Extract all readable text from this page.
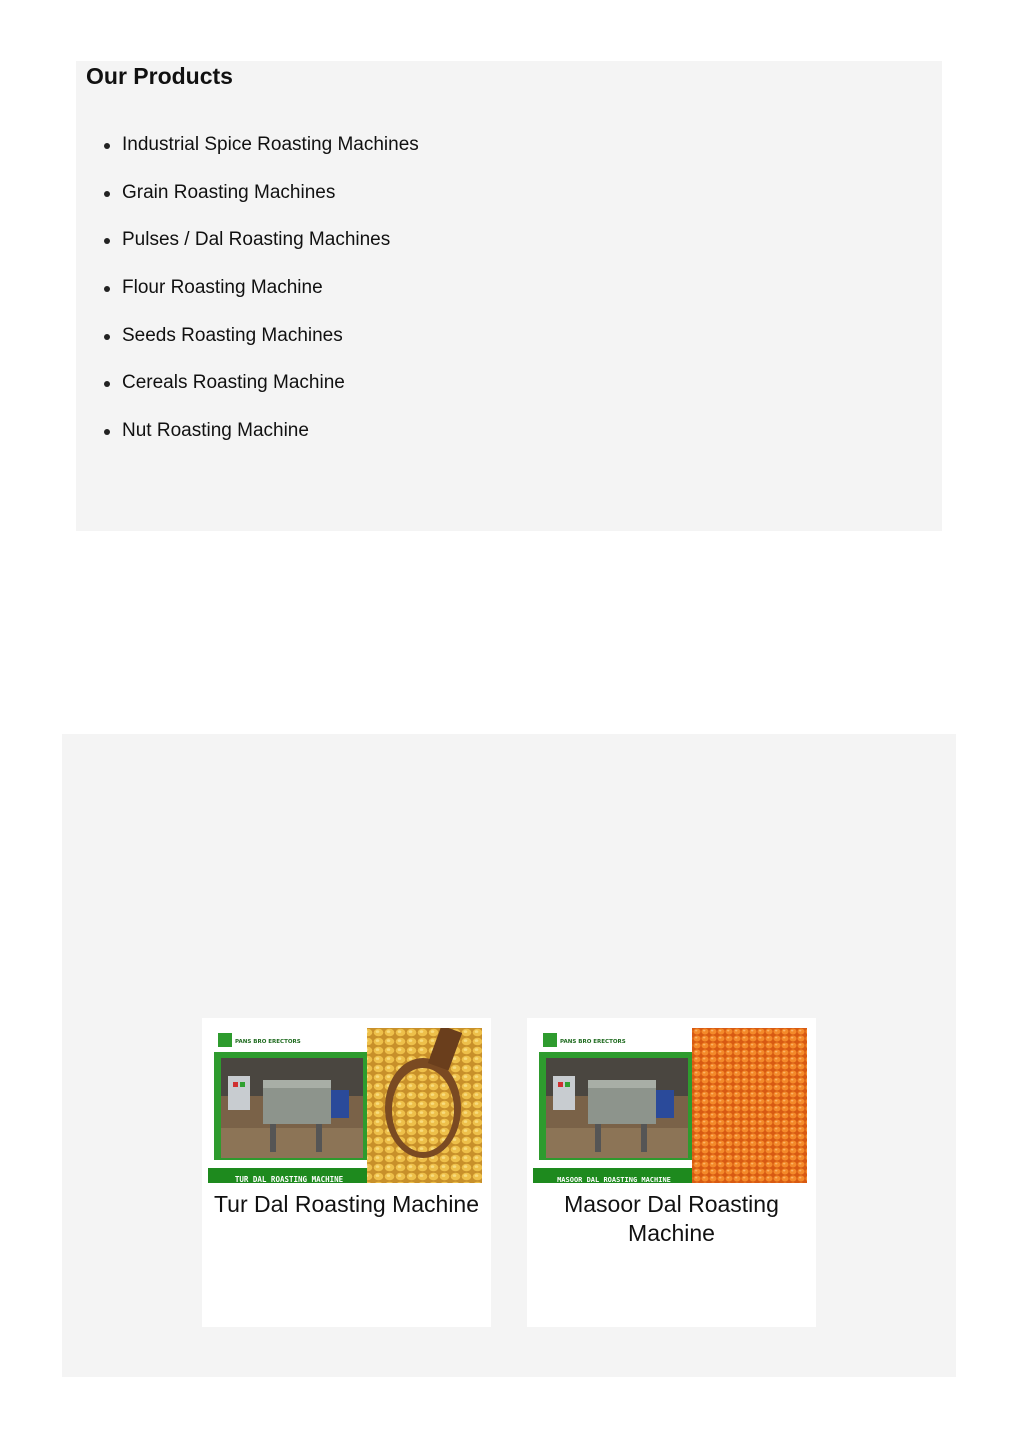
Our Products
Industrial Spice Roasting Machines
Grain Roasting Machines
Pulses / Dal Roasting Machines
Flour Roasting Machine
Seeds Roasting Machines
Cereals Roasting Machine
Nut Roasting Machine
PANS BRO ERECTORS
TUR DAL ROASTING MACHINE
Tur Dal Roasting Machine
PANS BRO ERECTORS
MASOOR DAL ROASTING MACHINE
Masoor Dal Roasting Machine
